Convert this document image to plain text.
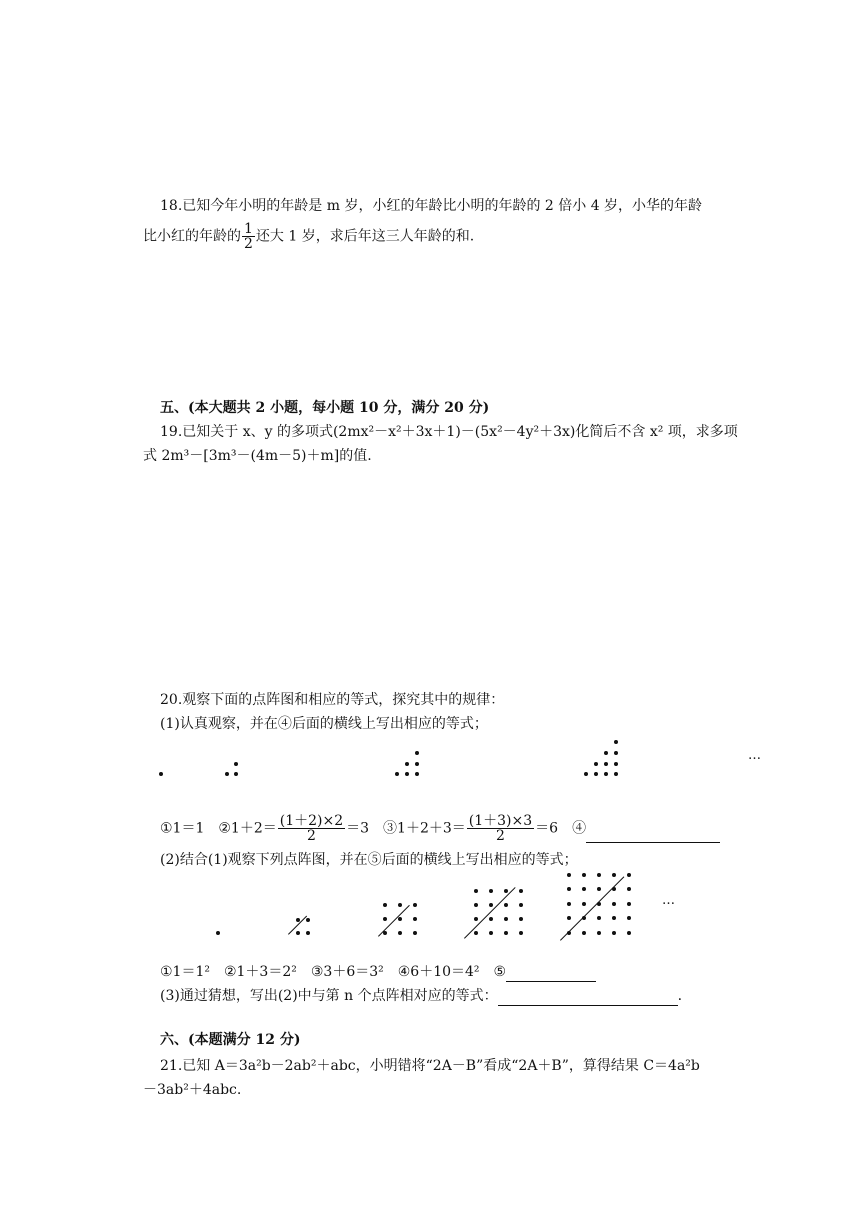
18.已知今年小明的年龄是 m 岁，小红的年龄比小明的年龄的 2 倍小 4 岁，小华的年龄
比小红的年龄的 $\frac{1}{2}$ 还大 1 岁，求后年这三人年龄的和.
五、(本大题共 2 小题，每小题 10 分，满分 20 分)
19.已知关于 x、y 的多项式(2mx²－x²＋3x＋1)－(5x²－4y²＋3x)化简后不含 x² 项，求多项
式 2m³－[3m³－(4m－5)＋m]的值.
20.观察下面的点阵图和相应的等式，探究其中的规律：
(1)认真观察，并在④后面的横线上写出相应的等式；
…
①1＝1　②1＋2＝ $\frac{(1+2)\times 2}{2} =3$　③1＋2＋3＝ $\frac{(1+3)\times 3}{2} =6$　④
(2)结合(1)观察下列点阵图，并在⑤后面的横线上写出相应的等式；
…
①1＝1²　②1＋3＝2²　③3＋6＝3²　④6＋10＝4²　⑤
(3)通过猜想，写出(2)中与第 n 个点阵相对应的等式：	.
六、(本题满分 12 分)
21.已知 A＝3a²b－2ab²＋abc，小明错将“2A－B”看成“2A＋B”，算得结果 C＝4a²b
－3ab²＋4abc.
